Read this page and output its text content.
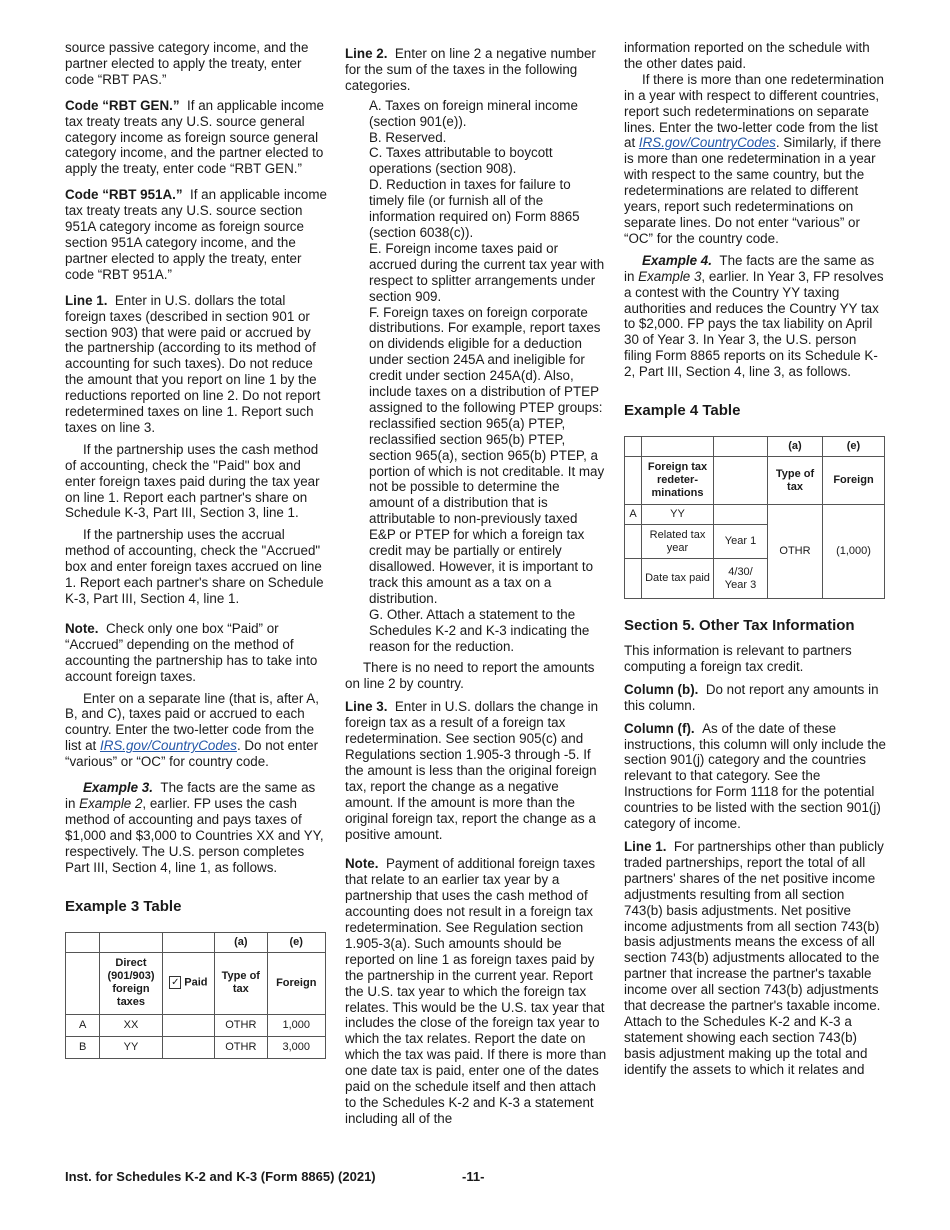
source passive category income, and the partner elected to apply the treaty, enter code “RBT PAS.”

Code “RBT GEN.” If an applicable income tax treaty treats any U.S. source general category income as foreign source general category income, and the partner elected to apply the treaty, enter code “RBT GEN.”

Code “RBT 951A.” If an applicable income tax treaty treats any U.S. source section 951A category income as foreign source section 951A category income, and the partner elected to apply the treaty, enter code “RBT 951A.”

Line 1. Enter in U.S. dollars the total foreign taxes (described in section 901 or section 903) that were paid or accrued by the partnership (according to its method of accounting for such taxes). Do not reduce the amount that you report on line 1 by the reductions reported on line 2. Do not report redetermined taxes on line 1. Report such taxes on line 3.

If the partnership uses the cash method of accounting, check the "Paid" box and enter foreign taxes paid during the tax year on line 1. Report each partner's share on Schedule K-3, Part III, Section 3, line 1.

If the partnership uses the accrual method of accounting, check the "Accrued" box and enter foreign taxes accrued on line 1. Report each partner's share on Schedule K-3, Part III, Section 4, line 1.

Note. Check only one box “Paid” or “Accrued” depending on the method of accounting the partnership has to take into account foreign taxes.

Enter on a separate line (that is, after A, B, and C), taxes paid or accrued to each country. Enter the two-letter code from the list at IRS.gov/CountryCodes. Do not enter “various” or “OC” for country code.

Example 3. The facts are the same as in Example 2, earlier. FP uses the cash method of accounting and pays taxes of $1,000 and $3,000 to Countries XX and YY, respectively. The U.S. person completes Part III, Section 4, line 1, as follows.

Example 3 Table
			(a)	(e)
	Direct (901/903) foreign taxes	✓ Paid	Type of tax	Foreign
A	XX		OTHR	1,000
B	YY		OTHR	3,000

Line 2. Enter on line 2 a negative number for the sum of the taxes in the following categories.

A. Taxes on foreign mineral income (section 901(e)).
B. Reserved.
C. Taxes attributable to boycott operations (section 908).
D. Reduction in taxes for failure to timely file (or furnish all of the information required on) Form 8865 (section 6038(c)).
E. Foreign income taxes paid or accrued during the current tax year with respect to splitter arrangements under section 909.
F. Foreign taxes on foreign corporate distributions. For example, report taxes on dividends eligible for a deduction under section 245A and ineligible for credit under section 245A(d). Also, include taxes on a distribution of PTEP assigned to the following PTEP groups: reclassified section 965(a) PTEP, reclassified section 965(b) PTEP, section 965(a), section 965(b) PTEP, a portion of which is not creditable. It may not be possible to determine the amount of a distribution that is attributable to non-previously taxed E&P or PTEP for which a foreign tax credit may be partially or entirely disallowed. However, it is important to track this amount as a tax on a distribution.
G. Other. Attach a statement to the Schedules K-2 and K-3 indicating the reason for the reduction.

There is no need to report the amounts on line 2 by country.

Line 3. Enter in U.S. dollars the change in foreign tax as a result of a foreign tax redetermination. See section 905(c) and Regulations section 1.905-3 through -5. If the amount is less than the original foreign tax, report the change as a negative amount. If the amount is more than the original foreign tax, report the change as a positive amount.

Note. Payment of additional foreign taxes that relate to an earlier tax year by a partnership that uses the cash method of accounting does not result in a foreign tax redetermination. See Regulation section 1.905-3(a). Such amounts should be reported on line 1 as foreign taxes paid by the partnership in the current year. Report the U.S. tax year to which the foreign tax relates. This would be the U.S. tax year that includes the close of the foreign tax year to which the tax relates. Report the date on which the tax was paid. If there is more than one date tax is paid, enter one of the dates paid on the schedule itself and then attach to the Schedules K-2 and K-3 a statement including all of the

information reported on the schedule with the other dates paid.

If there is more than one redetermination in a year with respect to different countries, report such redeterminations on separate lines. Enter the two-letter code from the list at IRS.gov/CountryCodes. Similarly, if there is more than one redetermination in a year with respect to the same country, but the redeterminations are related to different years, report such redeterminations on separate lines. Do not enter “various” or “OC” for the country code.

Example 4. The facts are the same as in Example 3, earlier. In Year 3, FP resolves a contest with the Country YY taxing authorities and reduces the Country YY tax to $2,000. FP pays the tax liability on April 30 of Year 3. In Year 3, the U.S. person filing Form 8865 reports on its Schedule K-2, Part III, Section 4, line 3, as follows.

Example 4 Table
			(a)	(e)
	Foreign tax redeter-minations		Type of tax	Foreign
A	YY		OTHR	(1,000)
	Related tax year	Year 1		
	Date tax paid	4/30/ Year 3		
Section 5. Other Tax Information

This information is relevant to partners computing a foreign tax credit.

Column (b). Do not report any amounts in this column.

Column (f). As of the date of these instructions, this column will only include the section 901(j) category and the countries relevant to that category. See the Instructions for Form 1118 for the potential countries to be listed with the section 901(j) category of income.

Line 1. For partnerships other than publicly traded partnerships, report the total of all partners' shares of the net positive income adjustments resulting from all section 743(b) basis adjustments. Net positive income adjustments from all section 743(b) basis adjustments means the excess of all section 743(b) adjustments allocated to the partner that increase the partner's taxable income over all section 743(b) adjustments that decrease the partner's taxable income. Attach to the Schedules K-2 and K-3 a statement showing each section 743(b) basis adjustment making up the total and identify the assets to which it relates and

Inst. for Schedules K-2 and K-3 (Form 8865) (2021)	-11-
